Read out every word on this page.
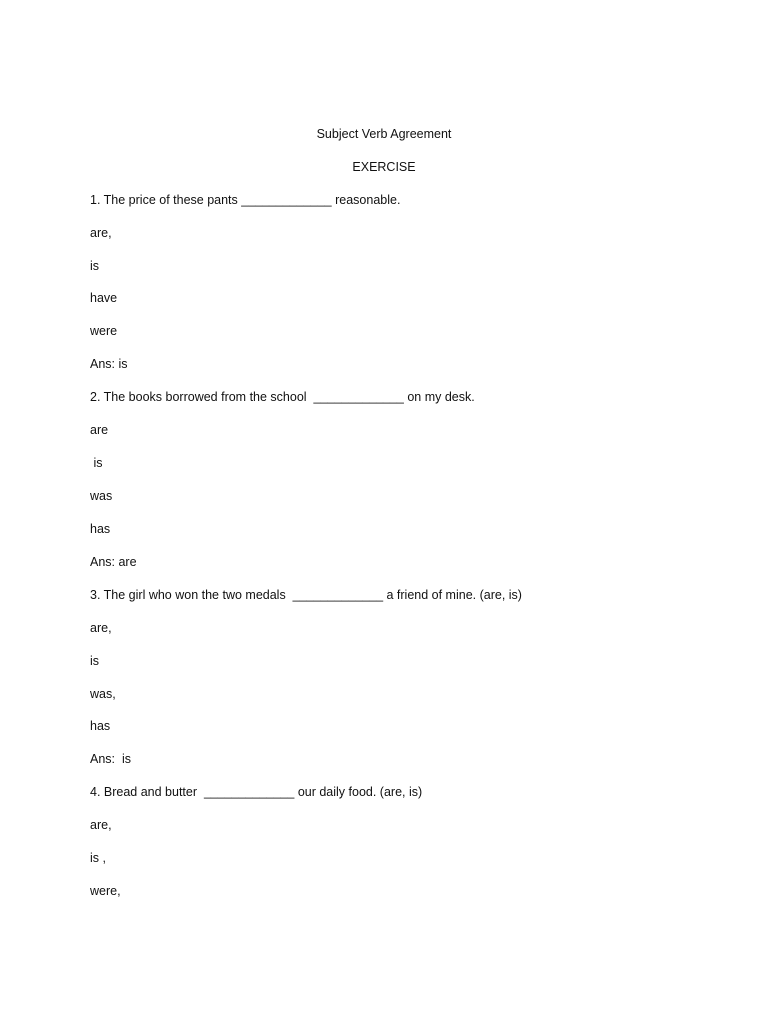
Subject Verb Agreement
EXERCISE
1. The price of these pants _____________ reasonable.
are,
is
have
were
Ans: is
2. The books borrowed from the school  _____________ on my desk.
are
is
was
has
Ans: are
3. The girl who won the two medals  _____________ a friend of mine. (are, is)
are,
is
was,
has
Ans:  is
4. Bread and butter  _____________ our daily food. (are, is)
are,
is ,
were,
